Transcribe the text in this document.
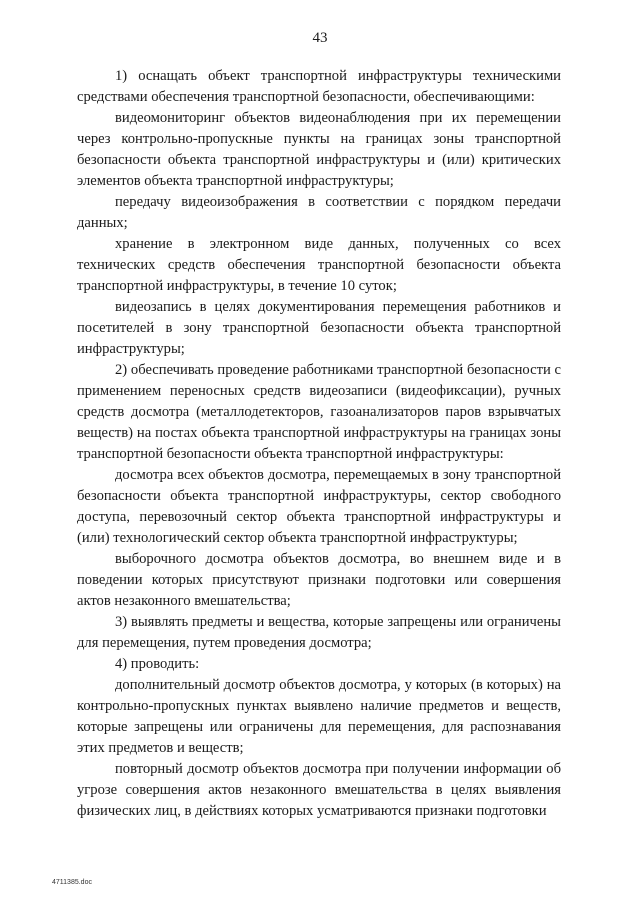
43

1) оснащать объект транспортной инфраструктуры техническими средствами обеспечения транспортной безопасности, обеспечивающими:

видеомониторинг объектов видеонаблюдения при их перемещении через контрольно-пропускные пункты на границах зоны транспортной безопасности объекта транспортной инфраструктуры и (или) критических элементов объекта транспортной инфраструктуры;

передачу видеоизображения в соответствии с порядком передачи данных;

хранение в электронном виде данных, полученных со всех технических средств обеспечения транспортной безопасности объекта транспортной инфраструктуры, в течение 10 суток;

видеозапись в целях документирования перемещения работников и посетителей в зону транспортной безопасности объекта транспортной инфраструктуры;

2) обеспечивать проведение работниками транспортной безопасности с применением переносных средств видеозаписи (видеофиксации), ручных средств досмотра (металлодетекторов, газоанализаторов паров взрывчатых веществ) на постах объекта транспортной инфраструктуры на границах зоны транспортной безопасности объекта транспортной инфраструктуры:

досмотра всех объектов досмотра, перемещаемых в зону транспортной безопасности объекта транспортной инфраструктуры, сектор свободного доступа, перевозочный сектор объекта транспортной инфраструктуры и (или) технологический сектор объекта транспортной инфраструктуры;

выборочного досмотра объектов досмотра, во внешнем виде и в поведении которых присутствуют признаки подготовки или совершения актов незаконного вмешательства;

3) выявлять предметы и вещества, которые запрещены или ограничены для перемещения, путем проведения досмотра;

4) проводить:

дополнительный досмотр объектов досмотра, у которых (в которых) на контрольно-пропускных пунктах выявлено наличие предметов и веществ, которые запрещены или ограничены для перемещения, для распознавания этих предметов и веществ;

повторный досмотр объектов досмотра при получении информации об угрозе совершения актов незаконного вмешательства в целях выявления физических лиц, в действиях которых усматриваются признаки подготовки

4711385.doc
